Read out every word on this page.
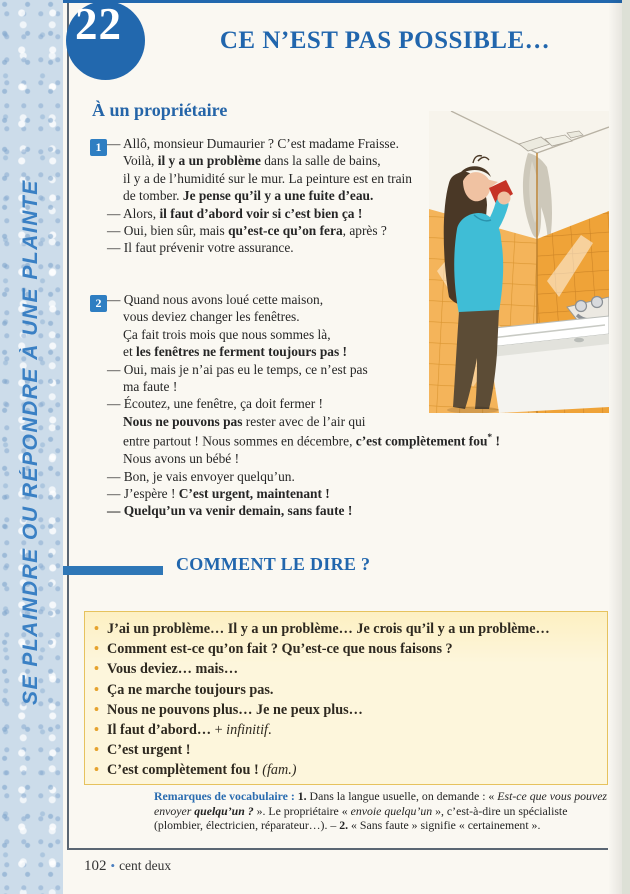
SE PLAINDRE OU RÉPONDRE À UNE PLAINTE
22	CE N’EST PAS POSSIBLE…
À un propriétaire
1 — Allô, monsieur Dumaurier ? C’est madame Fraisse.
Voilà, il y a un problème dans la salle de bains,
il y a de l’humidité sur le mur. La peinture est en train
de tomber. Je pense qu’il y a une fuite d’eau.
— Alors, il faut d’abord voir si c’est bien ça !
— Oui, bien sûr, mais qu’est-ce qu’on fera, après ?
— Il faut prévenir votre assurance.
2 — Quand nous avons loué cette maison,
vous deviez changer les fenêtres.
Ça fait trois mois que nous sommes là,
et les fenêtres ne ferment toujours pas !
— Oui, mais je n’ai pas eu le temps, ce n’est pas
ma faute !
— Écoutez, une fenêtre, ça doit fermer !
Nous ne pouvons pas rester avec de l’air qui
entre partout ! Nous sommes en décembre, c’est complètement fou* !
Nous avons un bébé !
— Bon, je vais envoyer quelqu’un.
— J’espère ! C’est urgent, maintenant !
— Quelqu’un va venir demain, sans faute !
COMMENT LE DIRE ?
• J’ai un problème… Il y a un problème… Je crois qu’il y a un problème…
• Comment est-ce qu’on fait ? Qu’est-ce que nous faisons ?
• Vous deviez… mais…
• Ça ne marche toujours pas.
• Nous ne pouvons plus… Je ne peux plus…
• Il faut d’abord… + infinitif.
• C’est urgent !
• C’est complètement fou ! (fam.)

Remarques de vocabulaire : 1. Dans la langue usuelle, on demande : « Est-ce que vous pouvez envoyer quelqu’un ? ». Le propriétaire « envoie quelqu’un », c’est-à-dire un spécialiste (plombier, électricien, réparateur…). – 2. « Sans faute » signifie « certainement ».

102 • cent deux
